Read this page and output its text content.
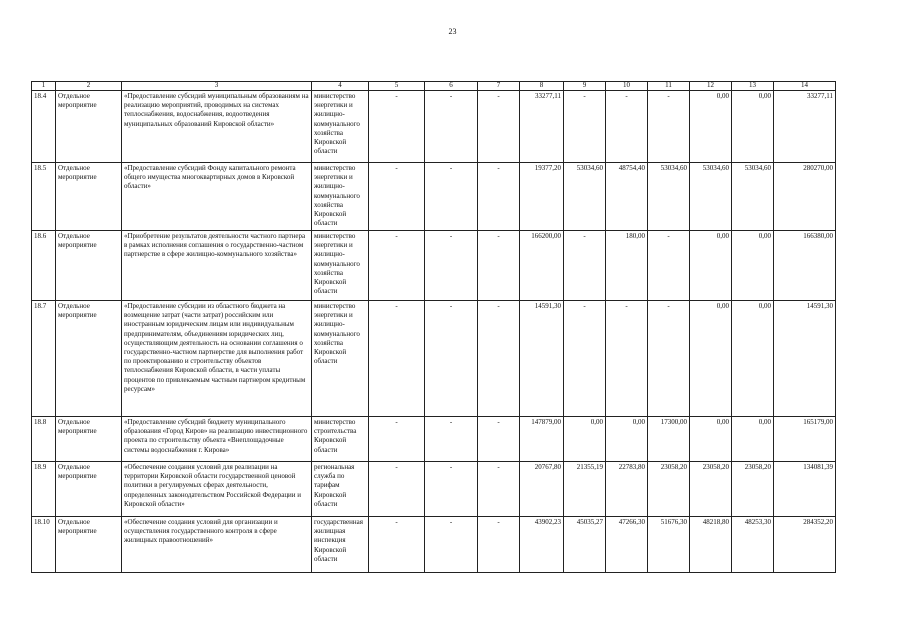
23
1	2	3	4	5	6	7	8	9	10	11	12	13	14
18.4	Отдельное мероприятие	«Предоставление субсидий муниципальным образованиям на реализацию мероприятий, проводимых на системах теплоснабжения, водоснабжения, водоотведения муниципальных образований Кировской области»	министерство энергетики и жилищно-коммунального хозяйства Кировской области	-	-	-	33277,11	-	-	-	0,00	0,00	33277,11
18.5	Отдельное мероприятие	«Предоставление субсидий Фонду капитального ремонта общего имущества многоквартирных домов в Кировской области»	министерство энергетики и жилищно-коммунального хозяйства Кировской области	-	-	-	19377,20	53034,60	48754,40	53034,60	53034,60	53034,60	280270,00
18.6	Отдельное мероприятие	«Приобретение результатов деятельности частного партнера в рамках исполнения соглашения о государственно-частном партнерстве в сфере жилищно-коммунального хозяйства»	министерство энергетики и жилищно-коммунального хозяйства Кировской области	-	-	-	166200,00	-	180,00	-	0,00	0,00	166380,00
18.7	Отдельное мероприятие	«Предоставление субсидии из областного бюджета на возмещение затрат (части затрат) российским или иностранным юридическим лицам или индивидуальным предпринимателям, объединениям юридических лиц, осуществляющим деятельность на основании соглашения о государственно-частном партнерстве для выполнения работ по проектированию и строительству объектов теплоснабжения Кировской области, в части уплаты процентов по привлекаемым частным партнером кредитным ресурсам»	министерство энергетики и жилищно-коммунального хозяйства Кировской области	-	-	-	14591,30	-	-	-	0,00	0,00	14591,30
18.8	Отдельное мероприятие	«Предоставление субсидий бюджету муниципального образования «Город Киров» на реализацию инвестиционного проекта по строительству объекта «Внеплощадочные системы водоснабжения г. Кирова»	министерство строительства Кировской области	-	-	-	147879,00	0,00	0,00	17300,00	0,00	0,00	165179,00
18.9	Отдельное мероприятие	«Обеспечение создания условий для реализации на территории Кировской области государственной ценовой политики в регулируемых сферах деятельности, определенных законодательством Российской Федерации и Кировской области»	региональная служба по тарифам Кировской области	-	-	-	20767,80	21355,19	22783,80	23058,20	23058,20	23058,20	134081,39
18.10	Отдельное мероприятие	«Обеспечение создания условий для организации и осуществления государственного контроля в сфере жилищных правоотношений»	государственная жилищная инспекция Кировской области	-	-	-	43902,23	45035,27	47266,30	51676,30	48218,80	48253,30	284352,20
